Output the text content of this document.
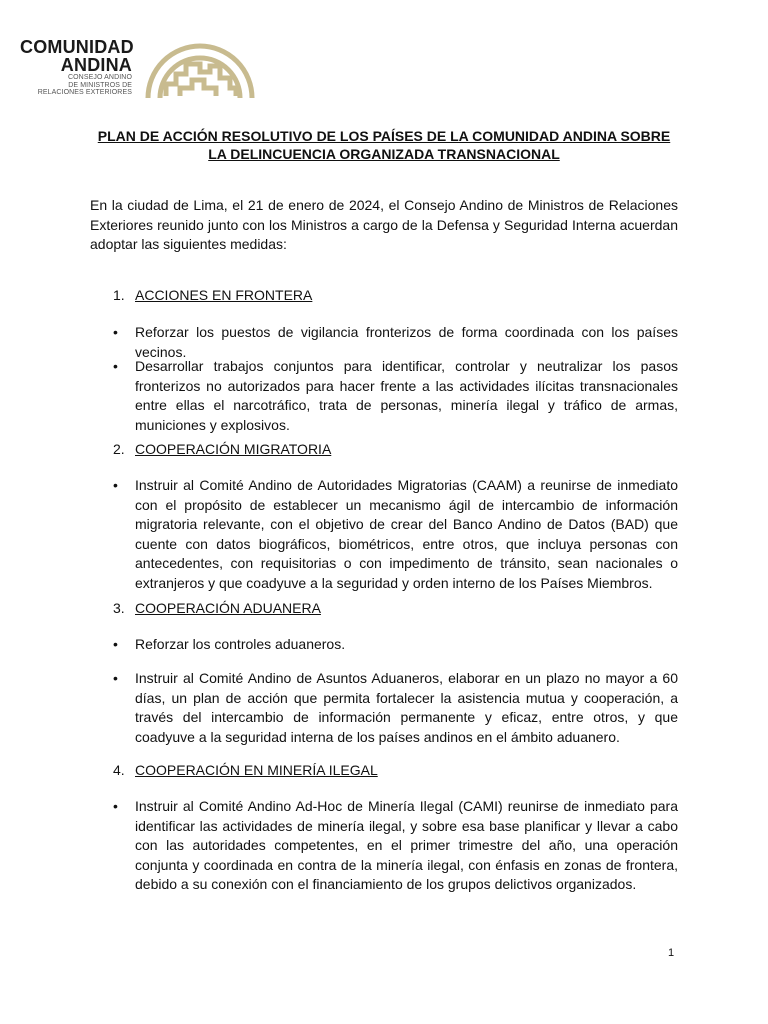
COMUNIDAD
ANDINA
CONSEJO ANDINO
DE MINISTROS DE
RELACIONES EXTERIORES
PLAN DE ACCIÓN RESOLUTIVO DE LOS PAÍSES DE LA COMUNIDAD ANDINA SOBRE
LA DELINCUENCIA ORGANIZADA TRANSNACIONAL
En la ciudad de Lima, el 21 de enero de 2024, el Consejo Andino de Ministros de Relaciones Exteriores reunido junto con los Ministros a cargo de la Defensa y Seguridad Interna acuerdan adoptar las siguientes medidas:
1. ACCIONES EN FRONTERA
• Reforzar los puestos de vigilancia fronterizos de forma coordinada con los países vecinos.
• Desarrollar trabajos conjuntos para identificar, controlar y neutralizar los pasos fronterizos no autorizados para hacer frente a las actividades ilícitas transnacionales entre ellas el narcotráfico, trata de personas, minería ilegal y tráfico de armas, municiones y explosivos.
2. COOPERACIÓN MIGRATORIA
• Instruir al Comité Andino de Autoridades Migratorias (CAAM) a reunirse de inmediato con el propósito de establecer un mecanismo ágil de intercambio de información migratoria relevante, con el objetivo de crear del Banco Andino de Datos (BAD) que cuente con datos biográficos, biométricos, entre otros, que incluya personas con antecedentes, con requisitorias o con impedimento de tránsito, sean nacionales o extranjeros y que coadyuve a la seguridad y orden interno de los Países Miembros.
3. COOPERACIÓN ADUANERA
• Reforzar los controles aduaneros.
• Instruir al Comité Andino de Asuntos Aduaneros, elaborar en un plazo no mayor a 60 días, un plan de acción que permita fortalecer la asistencia mutua y cooperación, a través del intercambio de información permanente y eficaz, entre otros, y que coadyuve a la seguridad interna de los países andinos en el ámbito aduanero.
4. COOPERACIÓN EN MINERÍA ILEGAL
• Instruir al Comité Andino Ad-Hoc de Minería Ilegal (CAMI) reunirse de inmediato para identificar las actividades de minería ilegal, y sobre esa base planificar y llevar a cabo con las autoridades competentes, en el primer trimestre del año, una operación conjunta y coordinada en contra de la minería ilegal, con énfasis en zonas de frontera, debido a su conexión con el financiamiento de los grupos delictivos organizados.
1
